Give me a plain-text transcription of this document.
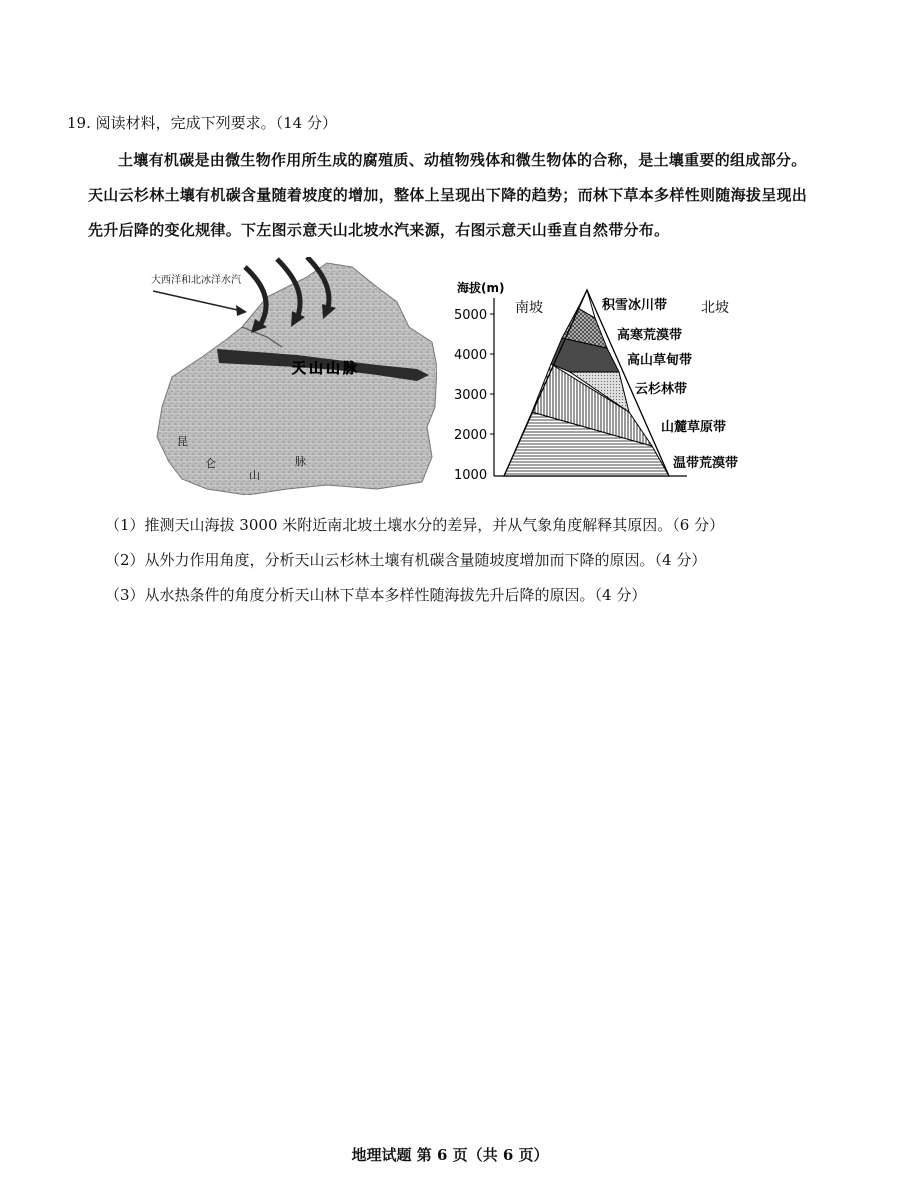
19. 阅读材料，完成下列要求。（14 分）
土壤有机碳是由微生物作用所生成的腐殖质、动植物残体和微生物体的合称，是土壤重要的组成部分。
天山云杉林土壤有机碳含量随着坡度的增加，整体上呈现出下降的趋势；而林下草本多样性则随海拔呈现出
先升后降的变化规律。下左图示意天山北坡水汽来源，右图示意天山垂直自然带分布。
大西洋和北冰洋水汽
天山山脉
昆
仑
山
脉
海拔(m)
5000
4000
3000
2000
1000
南坡	北坡
积雪冰川带
高寒荒漠带
高山草甸带
云杉林带
山麓草原带
温带荒漠带
（1）推测天山海拔 3000 米附近南北坡土壤水分的差异，并从气象角度解释其原因。（6 分）
（2）从外力作用角度，分析天山云杉林土壤有机碳含量随坡度增加而下降的原因。（4 分）
（3）从水热条件的角度分析天山林下草本多样性随海拔先升后降的原因。（4 分）
地理试题 第 6 页（共 6 页）
